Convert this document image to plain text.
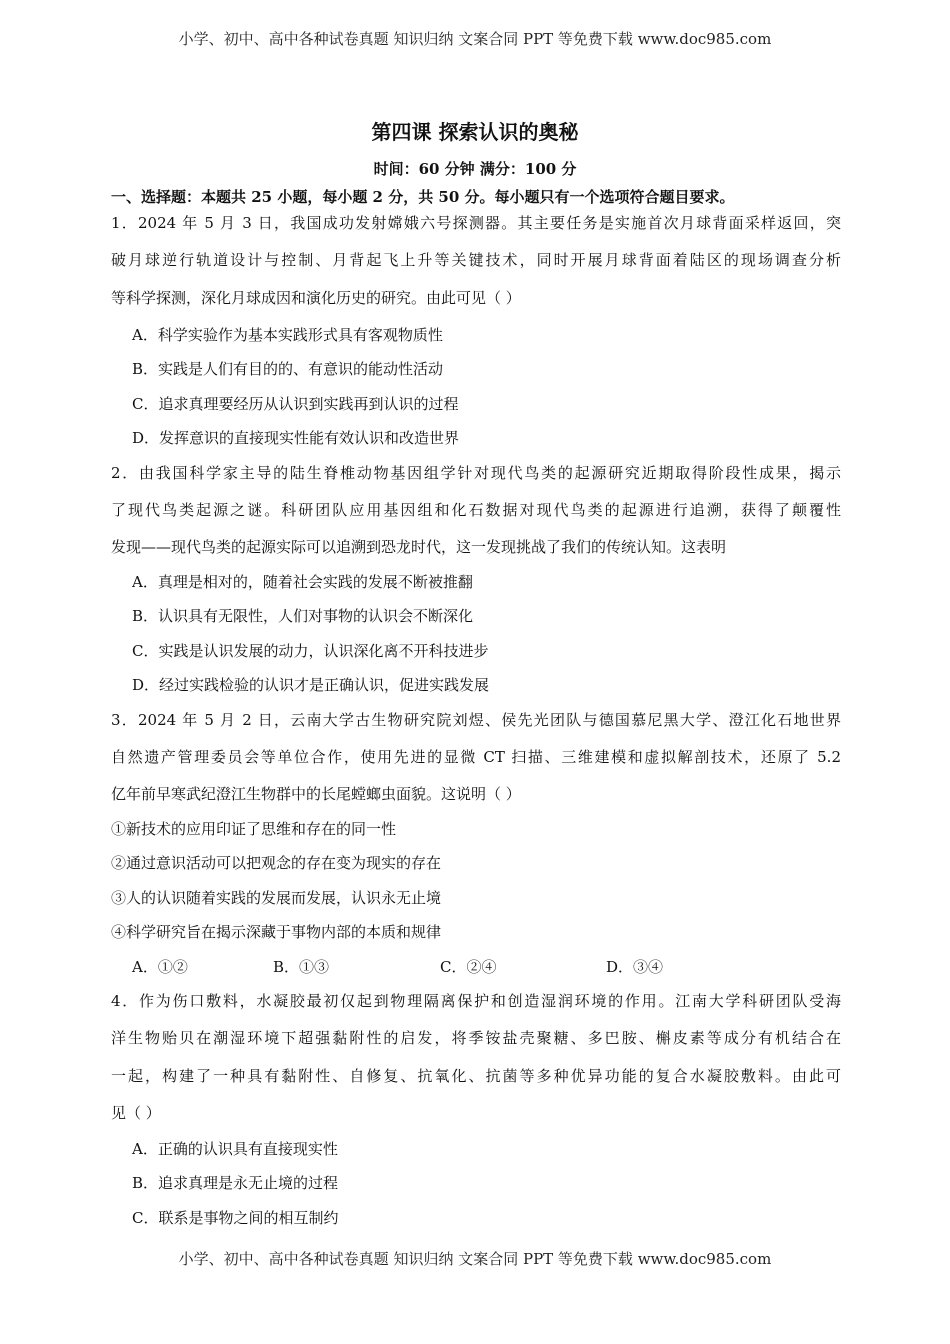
小学、初中、高中各种试卷真题 知识归纳 文案合同 PPT 等免费下载 www.doc985.com
第四课 探索认识的奥秘
时间：60 分钟 满分：100 分
一、选择题：本题共 25 小题，每小题 2 分，共 50 分。每小题只有一个选项符合题目要求。
1．2024 年 5 月 3 日，我国成功发射嫦娥六号探测器。其主要任务是实施首次月球背面采样返回，突
破月球逆行轨道设计与控制、月背起飞上升等关键技术，同时开展月球背面着陆区的现场调查分析
等科学探测，深化月球成因和演化历史的研究。由此可见（ ）
A．科学实验作为基本实践形式具有客观物质性
B．实践是人们有目的的、有意识的能动性活动
C．追求真理要经历从认识到实践再到认识的过程
D．发挥意识的直接现实性能有效认识和改造世界
2．由我国科学家主导的陆生脊椎动物基因组学针对现代鸟类的起源研究近期取得阶段性成果，揭示
了现代鸟类起源之谜。科研团队应用基因组和化石数据对现代鸟类的起源进行追溯，获得了颠覆性
发现——现代鸟类的起源实际可以追溯到恐龙时代，这一发现挑战了我们的传统认知。这表明
A．真理是相对的，随着社会实践的发展不断被推翻
B．认识具有无限性，人们对事物的认识会不断深化
C．实践是认识发展的动力，认识深化离不开科技进步
D．经过实践检验的认识才是正确认识，促进实践发展
3．2024 年 5 月 2 日，云南大学古生物研究院刘煜、侯先光团队与德国慕尼黑大学、澄江化石地世界
自然遗产管理委员会等单位合作，使用先进的显微 CT 扫描、三维建模和虚拟解剖技术，还原了 5.2
亿年前早寒武纪澄江生物群中的长尾螳螂虫面貌。这说明（ ）
①新技术的应用印证了思维和存在的同一性
②通过意识活动可以把观念的存在变为现实的存在
③人的认识随着实践的发展而发展，认识永无止境
④科学研究旨在揭示深藏于事物内部的本质和规律
A．①②	B．①③	C．②④	D．③④
4．作为伤口敷料，水凝胶最初仅起到物理隔离保护和创造湿润环境的作用。江南大学科研团队受海
洋生物贻贝在潮湿环境下超强黏附性的启发，将季铵盐壳聚糖、多巴胺、槲皮素等成分有机结合在
一起，构建了一种具有黏附性、自修复、抗氧化、抗菌等多种优异功能的复合水凝胶敷料。由此可
见（ ）
A．正确的认识具有直接现实性
B．追求真理是永无止境的过程
C．联系是事物之间的相互制约
小学、初中、高中各种试卷真题 知识归纳 文案合同 PPT 等免费下载 www.doc985.com
